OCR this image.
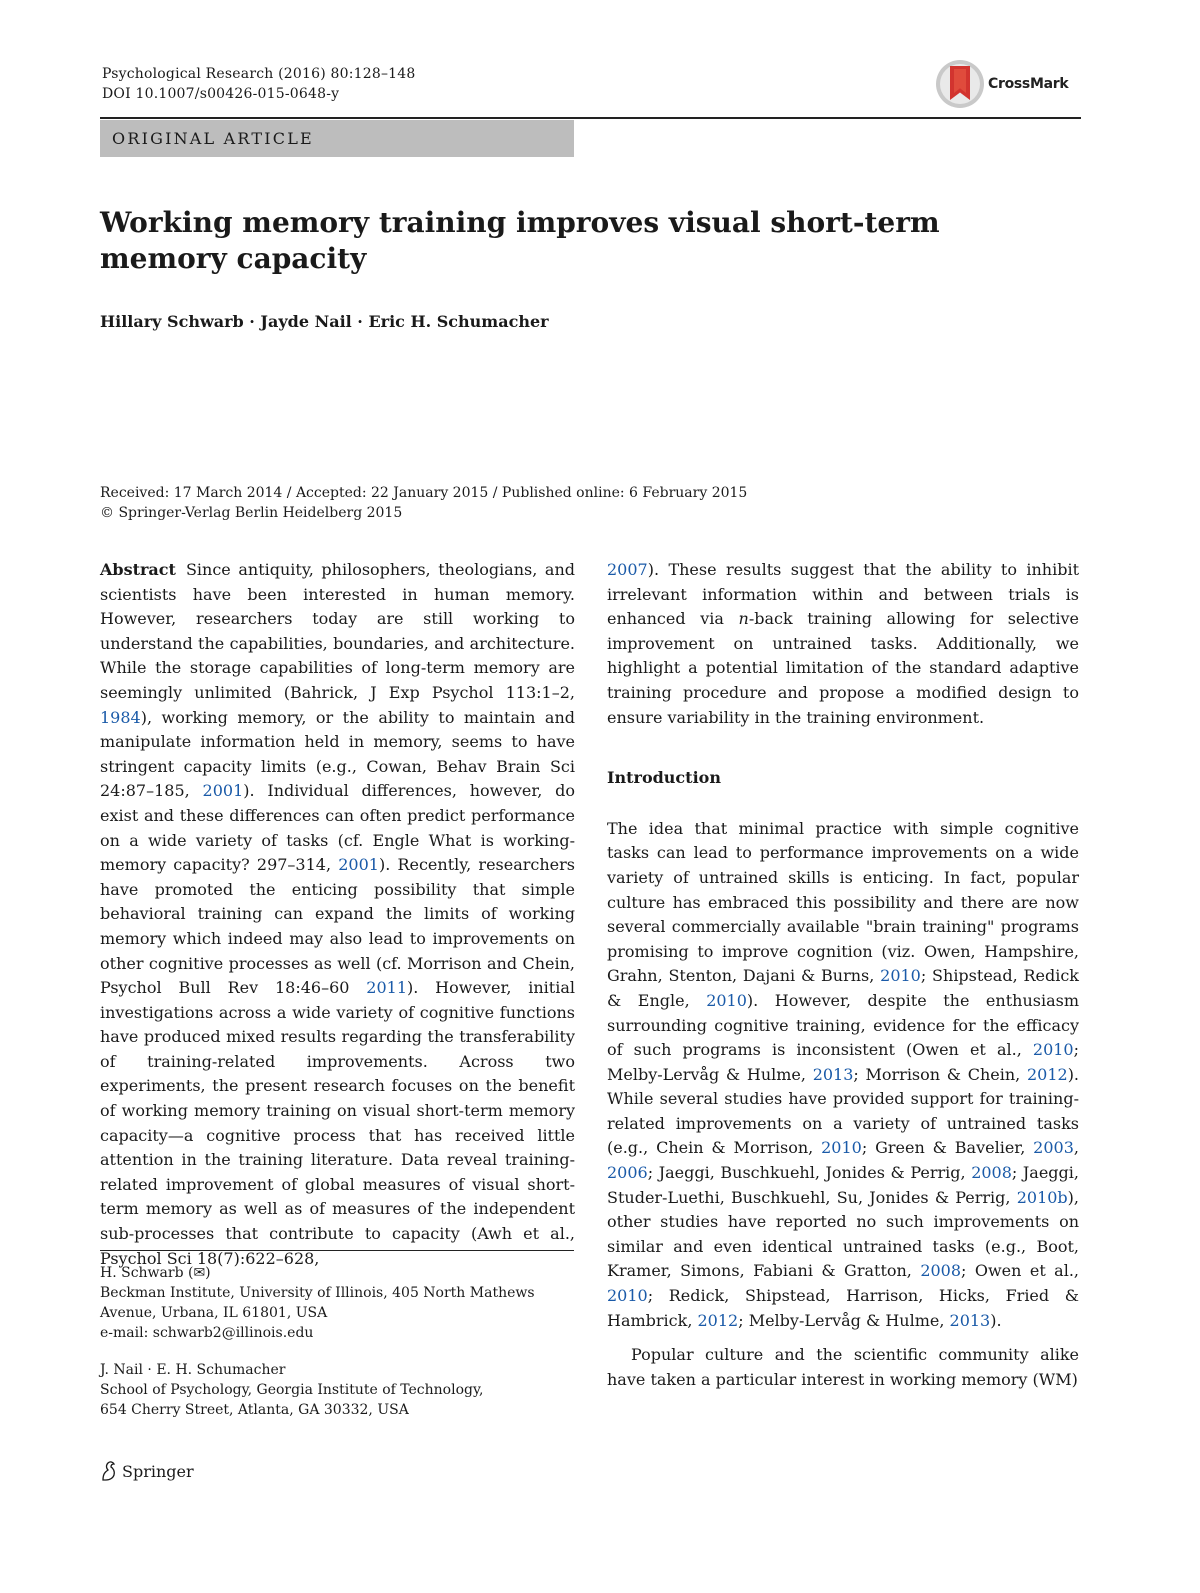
Psychological Research (2016) 80:128–148
DOI 10.1007/s00426-015-0648-y
CrossMark
ORIGINAL ARTICLE
Working memory training improves visual short-term memory capacity
Hillary Schwarb · Jayde Nail · Eric H. Schumacher
Received: 17 March 2014 / Accepted: 22 January 2015 / Published online: 6 February 2015
© Springer-Verlag Berlin Heidelberg 2015

Abstract Since antiquity, philosophers, theologians, and scientists have been interested in human memory. However, researchers today are still working to understand the capabilities, boundaries, and architecture. While the storage capabilities of long-term memory are seemingly unlimited (Bahrick, J Exp Psychol 113:1–2, 1984), working memory, or the ability to maintain and manipulate information held in memory, seems to have stringent capacity limits (e.g., Cowan, Behav Brain Sci 24:87–185, 2001). Individual differences, however, do exist and these differences can often predict performance on a wide variety of tasks (cf. Engle What is working-memory capacity? 297–314, 2001). Recently, researchers have promoted the enticing possibility that simple behavioral training can expand the limits of working memory which indeed may also lead to improvements on other cognitive processes as well (cf. Morrison and Chein, Psychol Bull Rev 18:46–60 2011). However, initial investigations across a wide variety of cognitive functions have produced mixed results regarding the transferability of training-related improvements. Across two experiments, the present research focuses on the benefit of working memory training on visual short-term memory capacity—a cognitive process that has received little attention in the training literature. Data reveal training-related improvement of global measures of visual short-term memory as well as of measures of the independent sub-processes that contribute to capacity (Awh et al., Psychol Sci 18(7):622–628,

2007). These results suggest that the ability to inhibit irrelevant information within and between trials is enhanced via n-back training allowing for selective improvement on untrained tasks. Additionally, we highlight a potential limitation of the standard adaptive training procedure and propose a modified design to ensure variability in the training environment.

Introduction

The idea that minimal practice with simple cognitive tasks can lead to performance improvements on a wide variety of untrained skills is enticing. In fact, popular culture has embraced this possibility and there are now several commercially available "brain training" programs promising to improve cognition (viz. Owen, Hampshire, Grahn, Stenton, Dajani & Burns, 2010; Shipstead, Redick & Engle, 2010). However, despite the enthusiasm surrounding cognitive training, evidence for the efficacy of such programs is inconsistent (Owen et al., 2010; Melby-Lervåg & Hulme, 2013; Morrison & Chein, 2012). While several studies have provided support for training-related improvements on a variety of untrained tasks (e.g., Chein & Morrison, 2010; Green & Bavelier, 2003, 2006; Jaeggi, Buschkuehl, Jonides & Perrig, 2008; Jaeggi, Studer-Luethi, Buschkuehl, Su, Jonides & Perrig, 2010b), other studies have reported no such improvements on similar and even identical untrained tasks (e.g., Boot, Kramer, Simons, Fabiani & Gratton, 2008; Owen et al., 2010; Redick, Shipstead, Harrison, Hicks, Fried & Hambrick, 2012; Melby-Lervåg & Hulme, 2013).

Popular culture and the scientific community alike have taken a particular interest in working memory (WM)

H. Schwarb (✉)
Beckman Institute, University of Illinois, 405 North Mathews
Avenue, Urbana, IL 61801, USA
e-mail: schwarb2@illinois.edu
J. Nail · E. H. Schumacher
School of Psychology, Georgia Institute of Technology,
654 Cherry Street, Atlanta, GA 30332, USA
Springer
